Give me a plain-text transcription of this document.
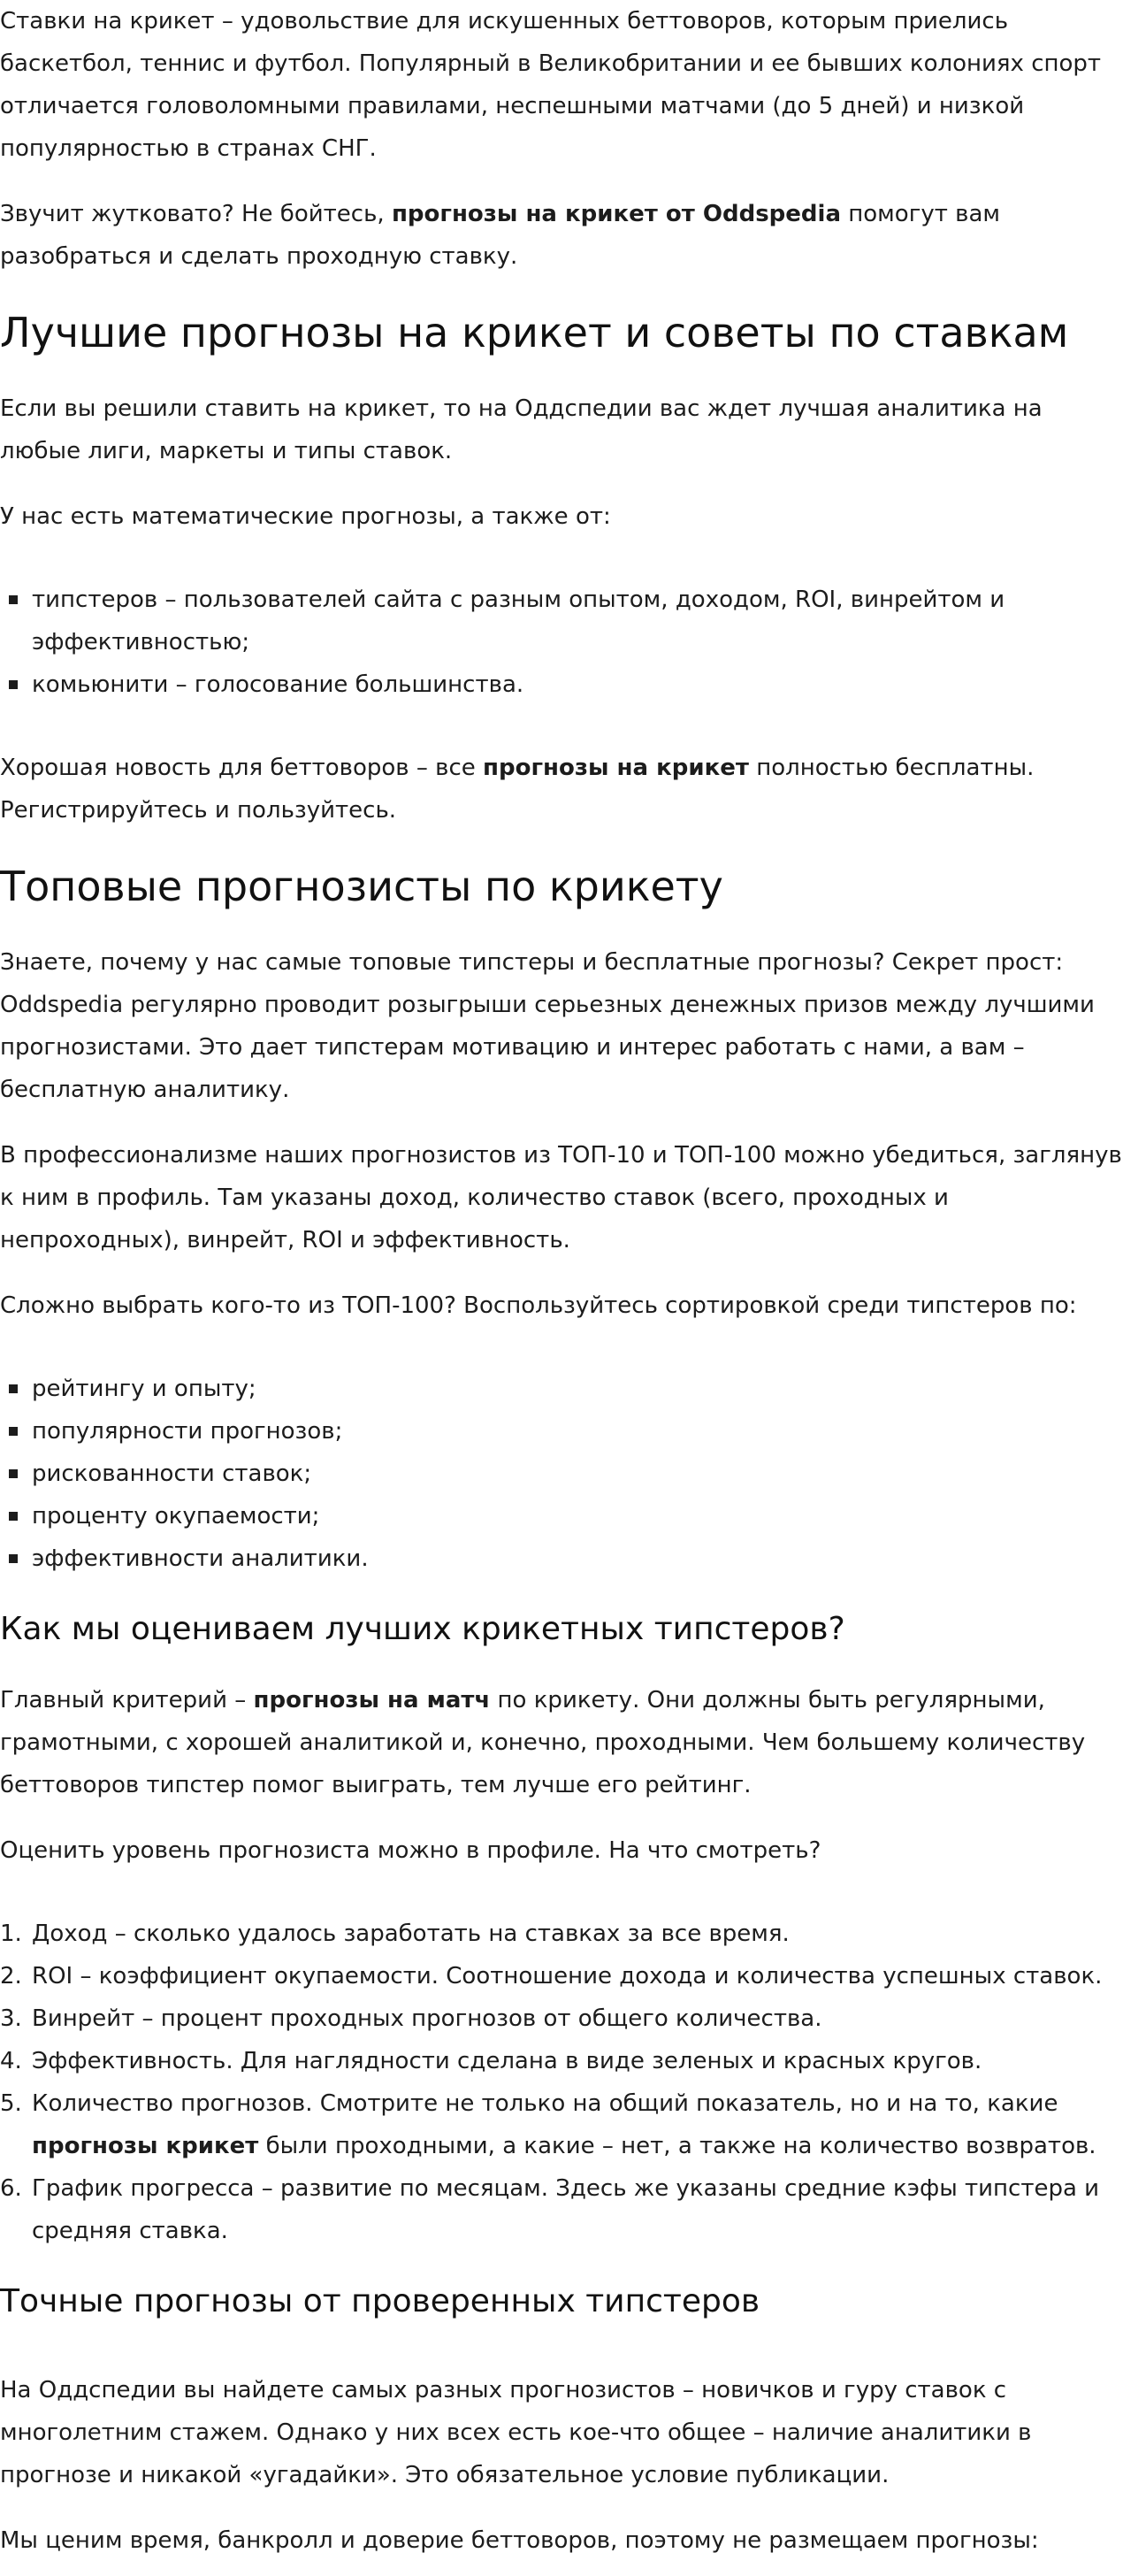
Ставки на крикет – удовольствие для искушенных беттоворов, которым приелись баскетбол, теннис и футбол. Популярный в Великобритании и ее бывших колониях спорт отличается головоломными правилами, неспешными матчами (до 5 дней) и низкой популярностью в странах СНГ.

Звучит жутковато? Не бойтесь, прогнозы на крикет от Oddspedia помогут вам разобраться и сделать проходную ставку.

Лучшие прогнозы на крикет и советы по ставкам

Если вы решили ставить на крикет, то на Оддспедии вас ждет лучшая аналитика на любые лиги, маркеты и типы ставок.

У нас есть математические прогнозы, а также от:

типстеров – пользователей сайта с разным опытом, доходом, ROI, винрейтом и эффективностью;
комьюнити – голосование большинства.

Хорошая новость для беттоворов – все прогнозы на крикет полностью бесплатны. Регистрируйтесь и пользуйтесь.

Топовые прогнозисты по крикету

Знаете, почему у нас самые топовые типстеры и бесплатные прогнозы? Секрет прост: Oddspedia регулярно проводит розыгрыши серьезных денежных призов между лучшими прогнозистами. Это дает типстерам мотивацию и интерес работать с нами, а вам – бесплатную аналитику.

В профессионализме наших прогнозистов из ТОП-10 и ТОП-100 можно убедиться, заглянув к ним в профиль. Там указаны доход, количество ставок (всего, проходных и непроходных), винрейт, ROI и эффективность.

Сложно выбрать кого-то из ТОП-100? Воспользуйтесь сортировкой среди типстеров по:

рейтингу и опыту;
популярности прогнозов;
рискованности ставок;
проценту окупаемости;
эффективности аналитики.
Как мы оцениваем лучших крикетных типстеров?

Главный критерий – прогнозы на матч по крикету. Они должны быть регулярными, грамотными, с хорошей аналитикой и, конечно, проходными. Чем большему количеству беттоворов типстер помог выиграть, тем лучше его рейтинг.

Оценить уровень прогнозиста можно в профиле. На что смотреть?

Доход – сколько удалось заработать на ставках за все время.
ROI – коэффициент окупаемости. Соотношение дохода и количества успешных ставок.
Винрейт – процент проходных прогнозов от общего количества.
Эффективность. Для наглядности сделана в виде зеленых и красных кругов.
Количество прогнозов. Смотрите не только на общий показатель, но и на то, какие прогнозы крикет были проходными, а какие – нет, а также на количество возвратов.
График прогресса – развитие по месяцам. Здесь же указаны средние кэфы типстера и средняя ставка.
Точные прогнозы от проверенных типстеров

На Оддспедии вы найдете самых разных прогнозистов – новичков и гуру ставок с многолетним стажем. Однако у них всех есть кое-что общее – наличие аналитики в прогнозе и никакой «угадайки». Это обязательное условие публикации.

Мы ценим время, банкролл и доверие беттоворов, поэтому не размещаем прогнозы:
